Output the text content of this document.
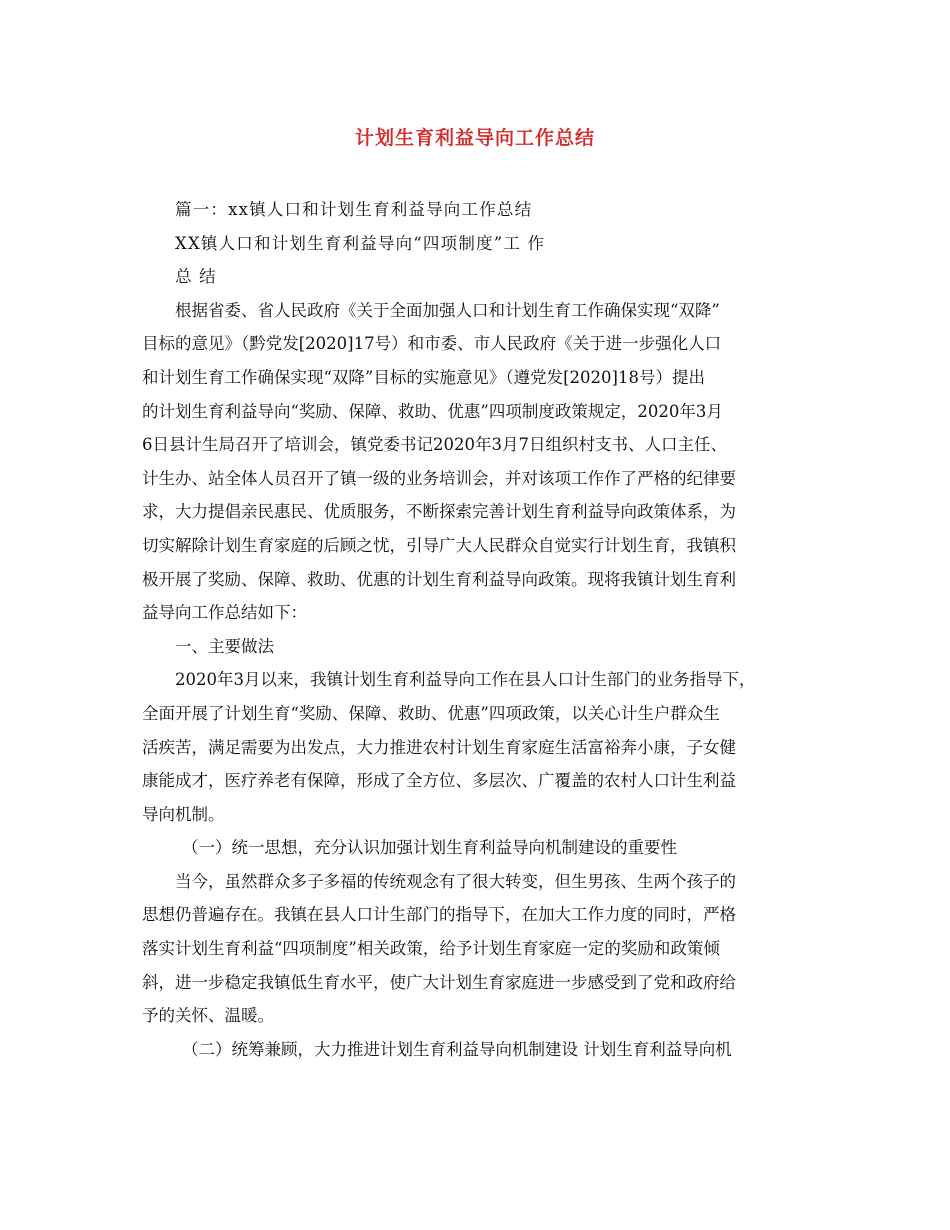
计划生育利益导向工作总结
篇一：xx镇人口和计划生育利益导向工作总结
XX镇人口和计划生育利益导向“四项制度”工 作
总 结
根据省委、省人民政府《关于全面加强人口和计划生育工作确保实现“双降”
目标的意见》（黔党发[2020]17号）和市委、市人民政府《关于进一步强化人口
和计划生育工作确保实现“双降”目标的实施意见》（遵党发[2020]18号）提出
的计划生育利益导向“奖励、保障、救助、优惠”四项制度政策规定，2020年3月
6日县计生局召开了培训会，镇党委书记2020年3月7日组织村支书、人口主任、
计生办、站全体人员召开了镇一级的业务培训会，并对该项工作作了严格的纪律要
求，大力提倡亲民惠民、优质服务，不断探索完善计划生育利益导向政策体系，为
切实解除计划生育家庭的后顾之忧，引导广大人民群众自觉实行计划生育，我镇积
极开展了奖励、保障、救助、优惠的计划生育利益导向政策。现将我镇计划生育利
益导向工作总结如下：
一、主要做法
2020年3月以来，我镇计划生育利益导向工作在县人口计生部门的业务指导下，
全面开展了计划生育“奖励、保障、救助、优惠”四项政策，以关心计生户群众生
活疾苦，满足需要为出发点，大力推进农村计划生育家庭生活富裕奔小康，子女健
康能成才，医疗养老有保障，形成了全方位、多层次、广覆盖的农村人口计生利益
导向机制。
（一）统一思想，充分认识加强计划生育利益导向机制建设的重要性
当今，虽然群众多子多福的传统观念有了很大转变，但生男孩、生两个孩子的
思想仍普遍存在。我镇在县人口计生部门的指导下，在加大工作力度的同时，严格
落实计划生育利益“四项制度”相关政策，给予计划生育家庭一定的奖励和政策倾
斜，进一步稳定我镇低生育水平，使广大计划生育家庭进一步感受到了党和政府给
予的关怀、温暖。
（二）统筹兼顾，大力推进计划生育利益导向机制建设 计划生育利益导向机
